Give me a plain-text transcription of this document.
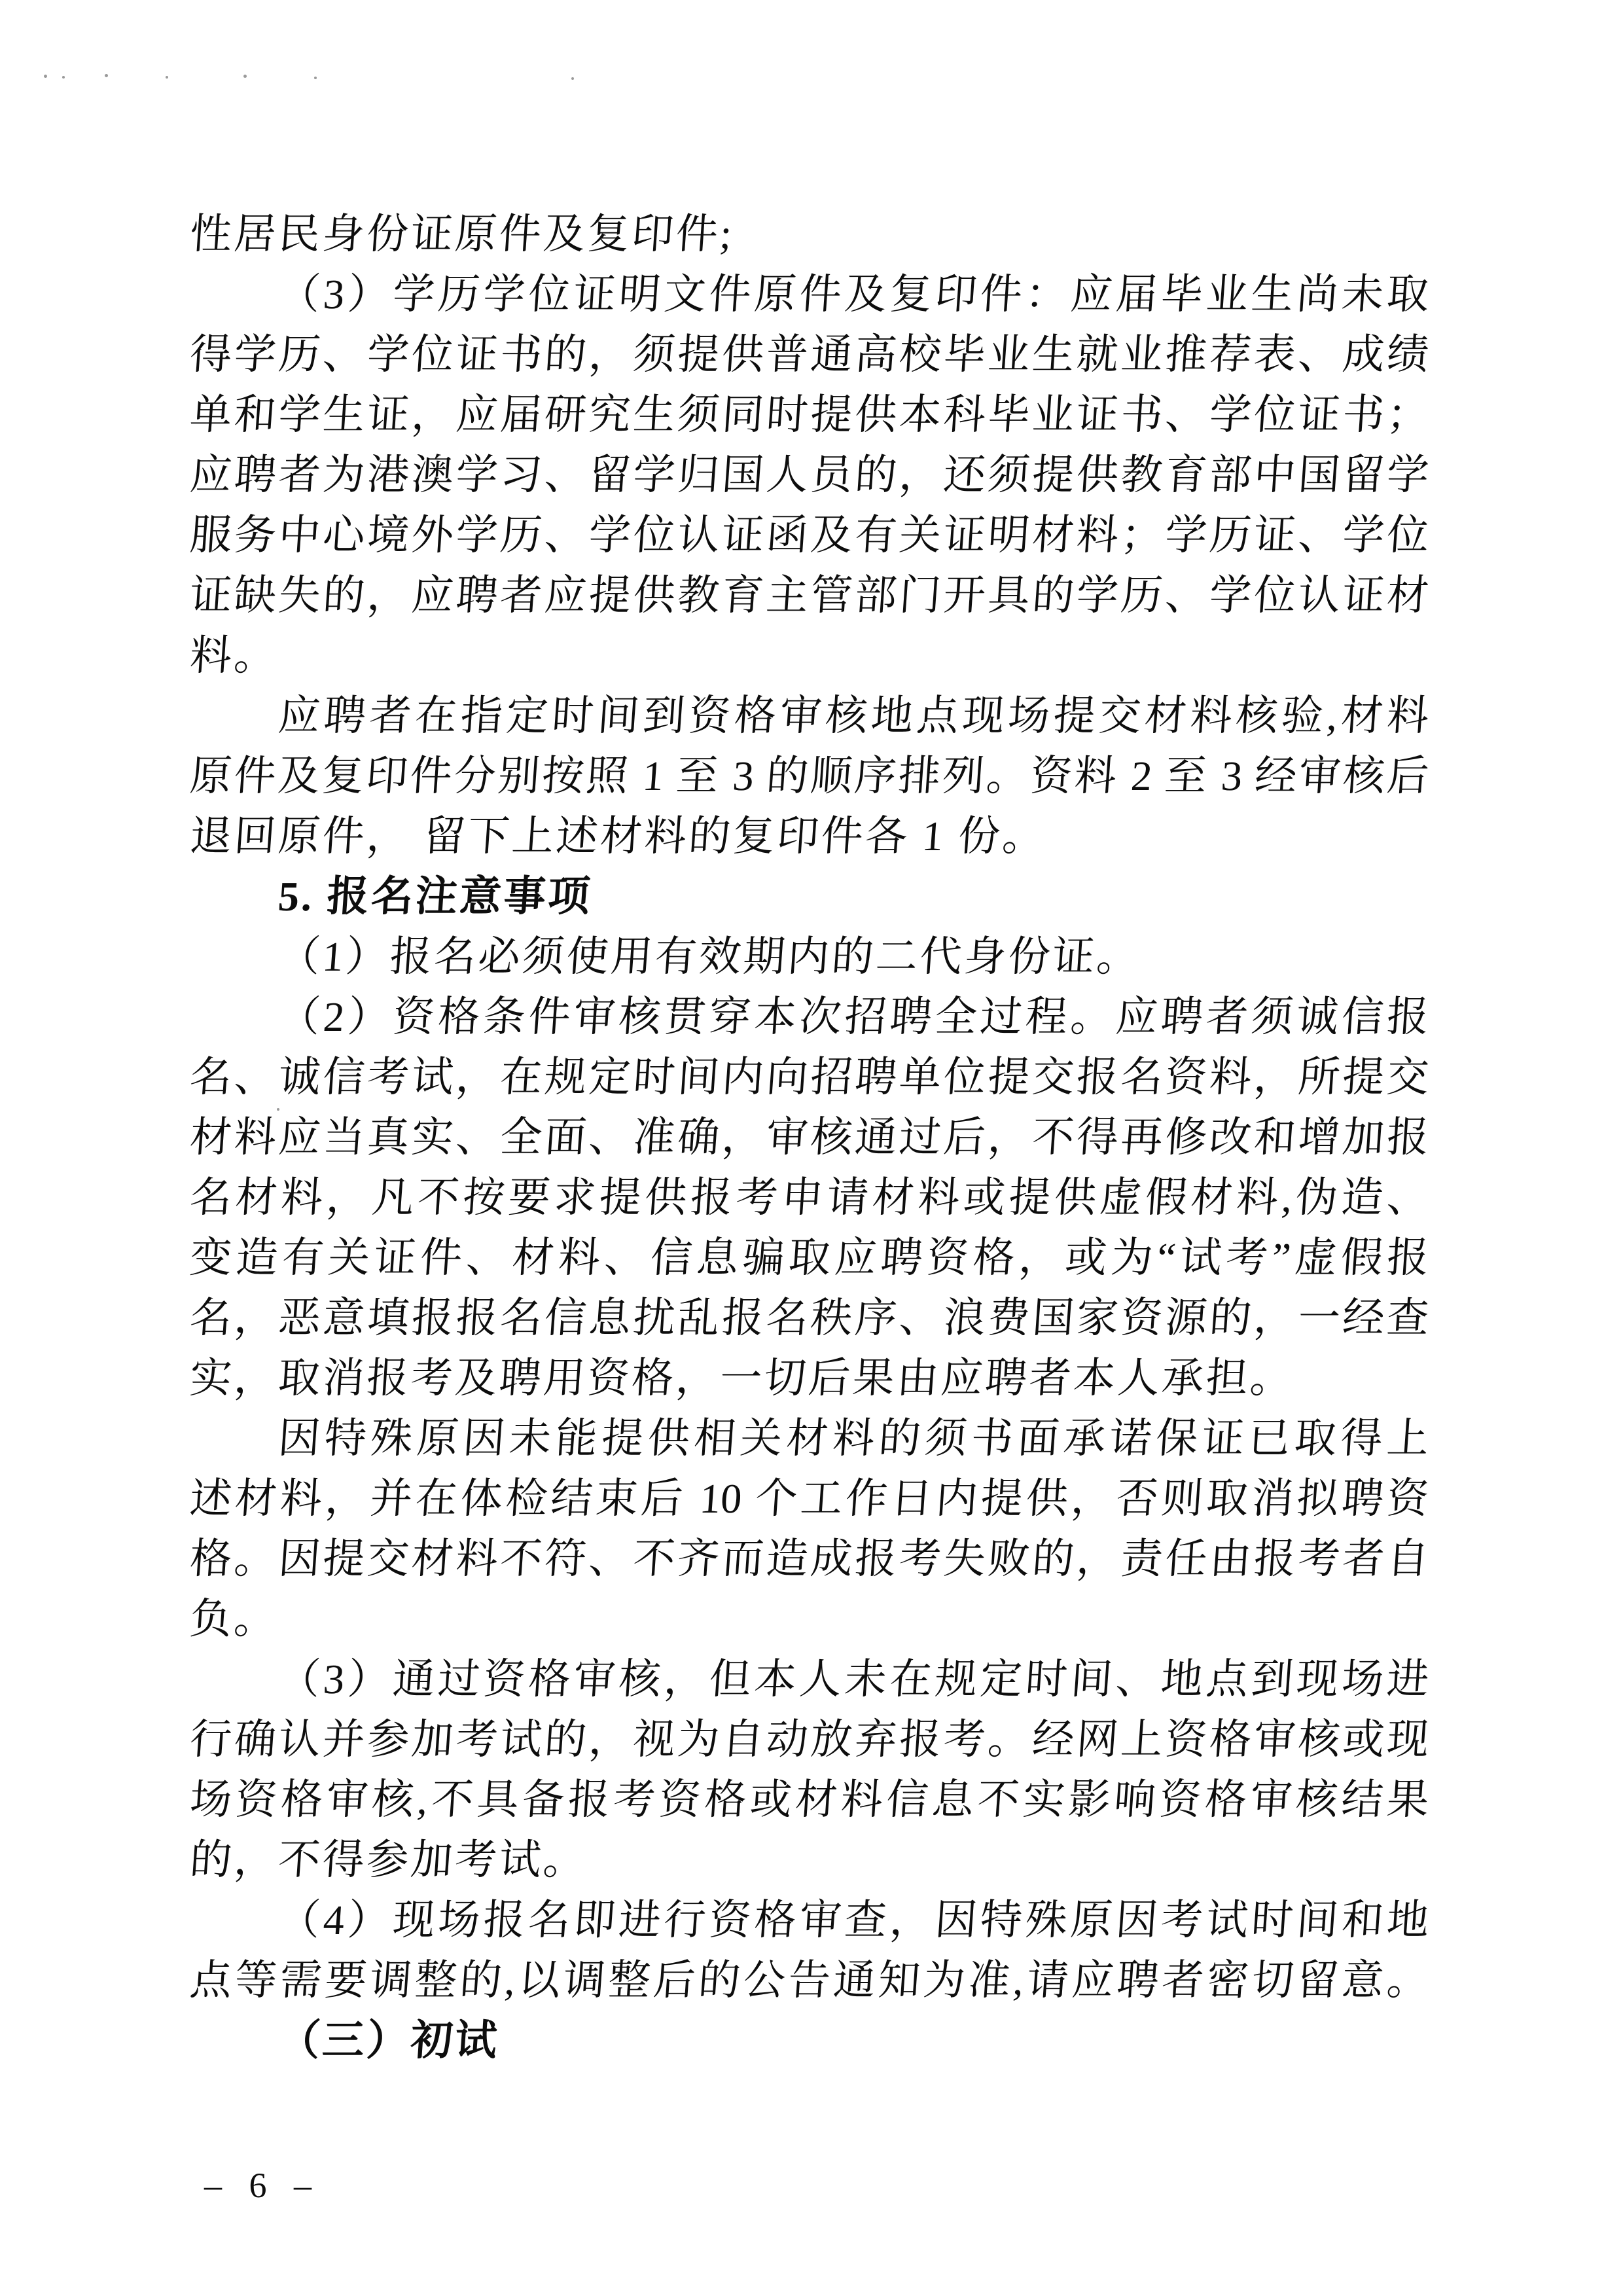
性居民身份证原件及复印件;
（3）学历学位证明文件原件及复印件：应届毕业生尚未取
得学历、学位证书的，须提供普通高校毕业生就业推荐表、成绩
单和学生证，应届研究生须同时提供本科毕业证书、学位证书；
应聘者为港澳学习、留学归国人员的，还须提供教育部中国留学
服务中心境外学历、学位认证函及有关证明材料；学历证、学位
证缺失的，应聘者应提供教育主管部门开具的学历、学位认证材
料。
应聘者在指定时间到资格审核地点现场提交材料核验,材料
原件及复印件分别按照 1 至 3 的顺序排列。资料 2 至 3 经审核后
退回原件， 留下上述材料的复印件各 1 份。
5. 报名注意事项
（1）报名必须使用有效期内的二代身份证。
（2）资格条件审核贯穿本次招聘全过程。应聘者须诚信报
名、诚信考试，在规定时间内向招聘单位提交报名资料，所提交
材料应当真实、全面、准确，审核通过后，不得再修改和增加报
名材料，凡不按要求提供报考申请材料或提供虚假材料,伪造、
变造有关证件、材料、信息骗取应聘资格，或为“试考”虚假报
名，恶意填报报名信息扰乱报名秩序、浪费国家资源的，一经查
实，取消报考及聘用资格，一切后果由应聘者本人承担。
因特殊原因未能提供相关材料的须书面承诺保证已取得上
述材料，并在体检结束后 10 个工作日内提供，否则取消拟聘资
格。因提交材料不符、不齐而造成报考失败的，责任由报考者自
负。
（3）通过资格审核，但本人未在规定时间、地点到现场进
行确认并参加考试的，视为自动放弃报考。经网上资格审核或现
场资格审核,不具备报考资格或材料信息不实影响资格审核结果
的，不得参加考试。
（4）现场报名即进行资格审查，因特殊原因考试时间和地
点等需要调整的,以调整后的公告通知为准,请应聘者密切留意。
（三）初试
– 6 –
